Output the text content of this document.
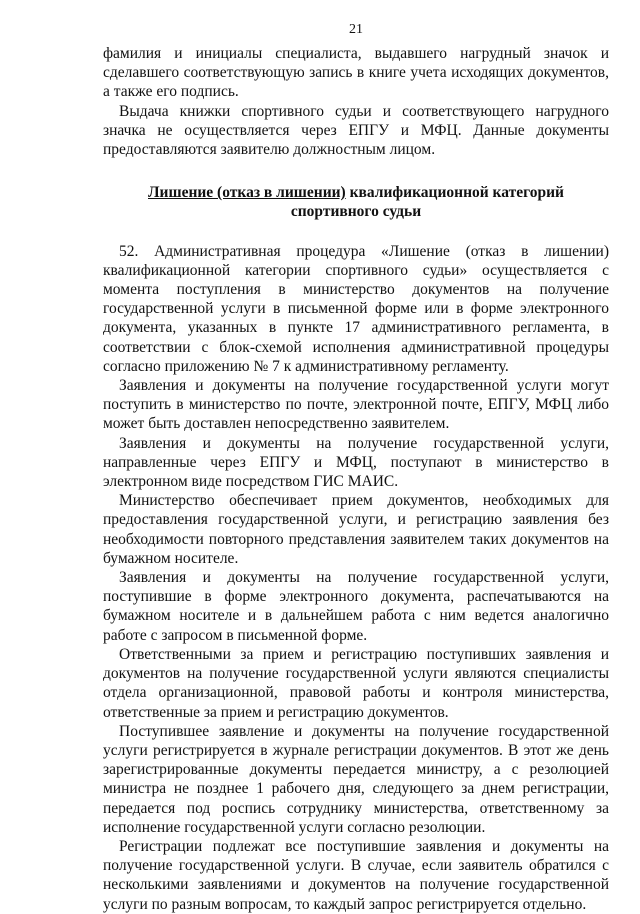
21

фамилия и инициалы специалиста, выдавшего нагрудный значок и сделавшего соответствующую запись в книге учета исходящих документов, а также его подпись.

Выдача книжки спортивного судьи и соответствующего нагрудного значка не осуществляется через ЕПГУ и МФЦ. Данные документы предоставляются заявителю должностным лицом.

Лишение (отказ в лишении) квалификационной категорий спортивного судьи

52. Административная процедура «Лишение (отказ в лишении) квалификационной категории спортивного судьи» осуществляется с момента поступления в министерство документов на получение государственной услуги в письменной форме или в форме электронного документа, указанных в пункте 17 административного регламента, в соответствии с блок-схемой исполнения административной процедуры согласно приложению № 7 к административному регламенту.

Заявления и документы на получение государственной услуги могут поступить в министерство по почте, электронной почте, ЕПГУ, МФЦ либо может быть доставлен непосредственно заявителем.

Заявления и документы на получение государственной услуги, направленные через ЕПГУ и МФЦ, поступают в министерство в электронном виде посредством ГИС МАИС.

Министерство обеспечивает прием документов, необходимых для предоставления государственной услуги, и регистрацию заявления без необходимости повторного представления заявителем таких документов на бумажном носителе.

Заявления и документы на получение государственной услуги, поступившие в форме электронного документа, распечатываются на бумажном носителе и в дальнейшем работа с ним ведется аналогично работе с запросом в письменной форме.

Ответственными за прием и регистрацию поступивших заявления и документов на получение государственной услуги являются специалисты отдела организационной, правовой работы и контроля министерства, ответственные за прием и регистрацию документов.

Поступившее заявление и документы на получение государственной услуги регистрируется в журнале регистрации документов. В этот же день зарегистрированные документы передается министру, а с резолюцией министра не позднее 1 рабочего дня, следующего за днем регистрации, передается под роспись сотруднику министерства, ответственному за исполнение государственной услуги согласно резолюции.

Регистрации подлежат все поступившие заявления и документы на получение государственной услуги. В случае, если заявитель обратился с несколькими заявлениями и документов на получение государственной услуги по разным вопросам, то каждый запрос регистрируется отдельно.
